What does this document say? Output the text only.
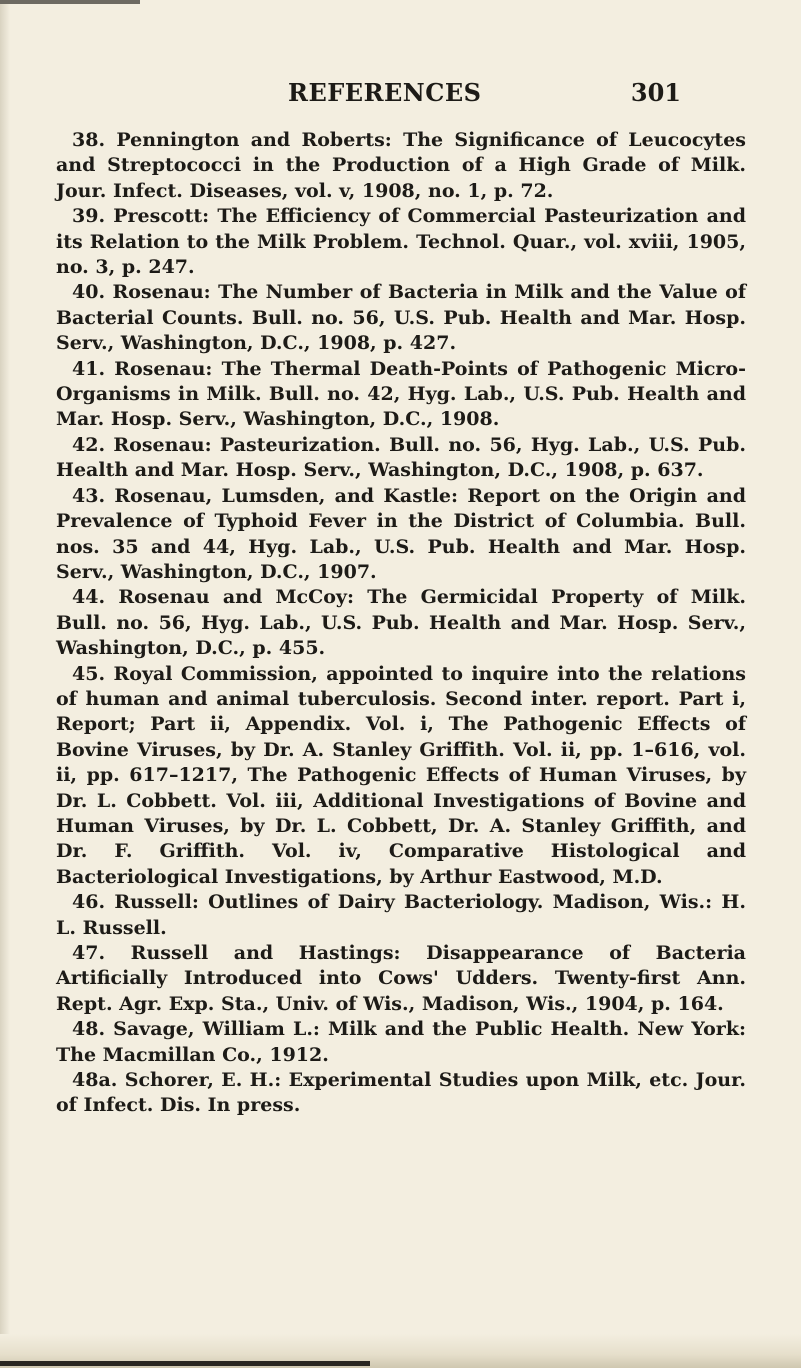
REFERENCES	301

38. Pennington and Roberts: The Significance of Leucocytes and Streptococci in the Production of a High Grade of Milk. Jour. Infect. Diseases, vol. v, 1908, no. 1, p. 72.

39. Prescott: The Efficiency of Commercial Pasteurization and its Relation to the Milk Problem. Technol. Quar., vol. xviii, 1905, no. 3, p. 247.

40. Rosenau: The Number of Bacteria in Milk and the Value of Bacterial Counts. Bull. no. 56, U.S. Pub. Health and Mar. Hosp. Serv., Washington, D.C., 1908, p. 427.

41. Rosenau: The Thermal Death-Points of Pathogenic Micro-Organisms in Milk. Bull. no. 42, Hyg. Lab., U.S. Pub. Health and Mar. Hosp. Serv., Washington, D.C., 1908.

42. Rosenau: Pasteurization. Bull. no. 56, Hyg. Lab., U.S. Pub. Health and Mar. Hosp. Serv., Washington, D.C., 1908, p. 637.

43. Rosenau, Lumsden, and Kastle: Report on the Origin and Prevalence of Typhoid Fever in the District of Columbia. Bull. nos. 35 and 44, Hyg. Lab., U.S. Pub. Health and Mar. Hosp. Serv., Washington, D.C., 1907.

44. Rosenau and McCoy: The Germicidal Property of Milk. Bull. no. 56, Hyg. Lab., U.S. Pub. Health and Mar. Hosp. Serv., Washington, D.C., p. 455.

45. Royal Commission, appointed to inquire into the relations of human and animal tuberculosis. Second inter. report. Part i, Report; Part ii, Appendix. Vol. i, The Pathogenic Effects of Bovine Viruses, by Dr. A. Stanley Griffith. Vol. ii, pp. 1–616, vol. ii, pp. 617–1217, The Pathogenic Effects of Human Viruses, by Dr. L. Cobbett. Vol. iii, Additional Investigations of Bovine and Human Viruses, by Dr. L. Cobbett, Dr. A. Stanley Griffith, and Dr. F. Griffith. Vol. iv, Comparative Histological and Bacteriological Investigations, by Arthur Eastwood, M.D.

46. Russell: Outlines of Dairy Bacteriology. Madison, Wis.: H. L. Russell.

47. Russell and Hastings: Disappearance of Bacteria Artificially Introduced into Cows' Udders. Twenty-first Ann. Rept. Agr. Exp. Sta., Univ. of Wis., Madison, Wis., 1904, p. 164.

48. Savage, William L.: Milk and the Public Health. New York: The Macmillan Co., 1912.

48a. Schorer, E. H.: Experimental Studies upon Milk, etc. Jour. of Infect. Dis. In press.
